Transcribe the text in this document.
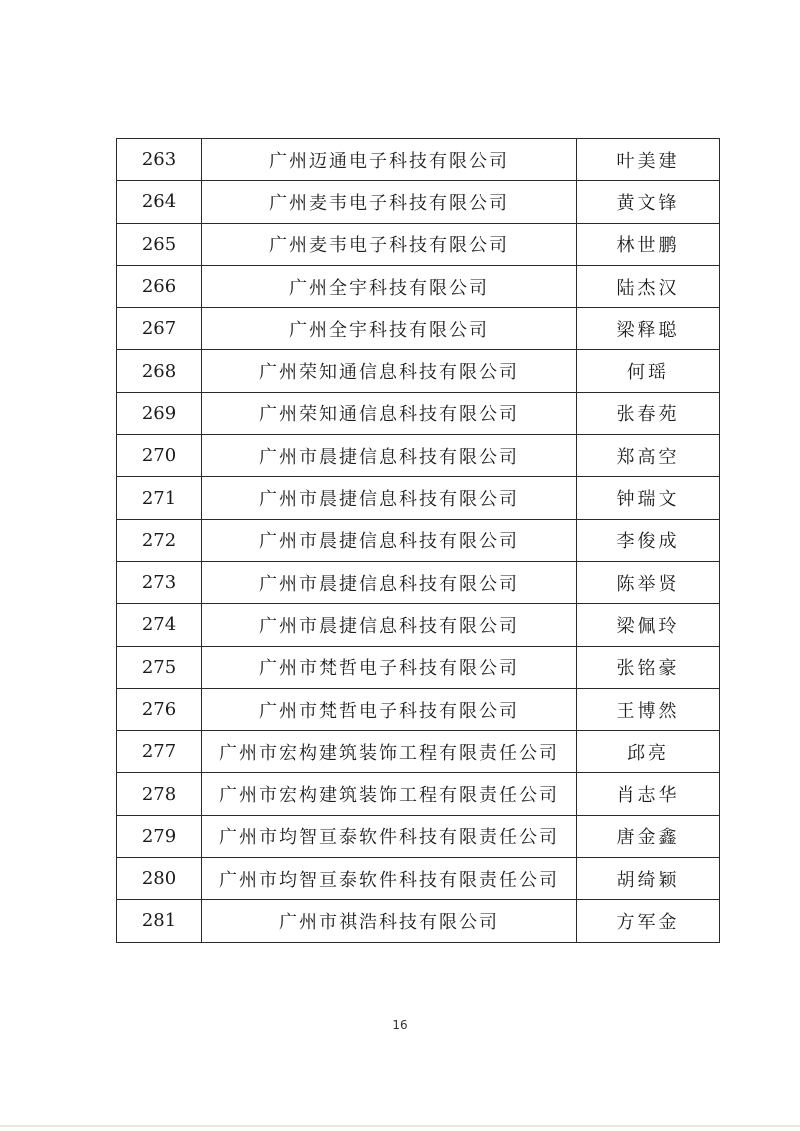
263	广州迈通电子科技有限公司	叶美建
264	广州麦韦电子科技有限公司	黄文锋
265	广州麦韦电子科技有限公司	林世鹏
266	广州全宇科技有限公司	陆杰汉
267	广州全宇科技有限公司	梁释聪
268	广州荣知通信息科技有限公司	何瑶
269	广州荣知通信息科技有限公司	张春苑
270	广州市晨捷信息科技有限公司	郑高空
271	广州市晨捷信息科技有限公司	钟瑞文
272	广州市晨捷信息科技有限公司	李俊成
273	广州市晨捷信息科技有限公司	陈举贤
274	广州市晨捷信息科技有限公司	梁佩玲
275	广州市梵哲电子科技有限公司	张铭豪
276	广州市梵哲电子科技有限公司	王博然
277	广州市宏构建筑装饰工程有限责任公司	邱亮
278	广州市宏构建筑装饰工程有限责任公司	肖志华
279	广州市均智亘泰软件科技有限责任公司	唐金鑫
280	广州市均智亘泰软件科技有限责任公司	胡绮颖
281	广州市祺浩科技有限公司	方军金
16
